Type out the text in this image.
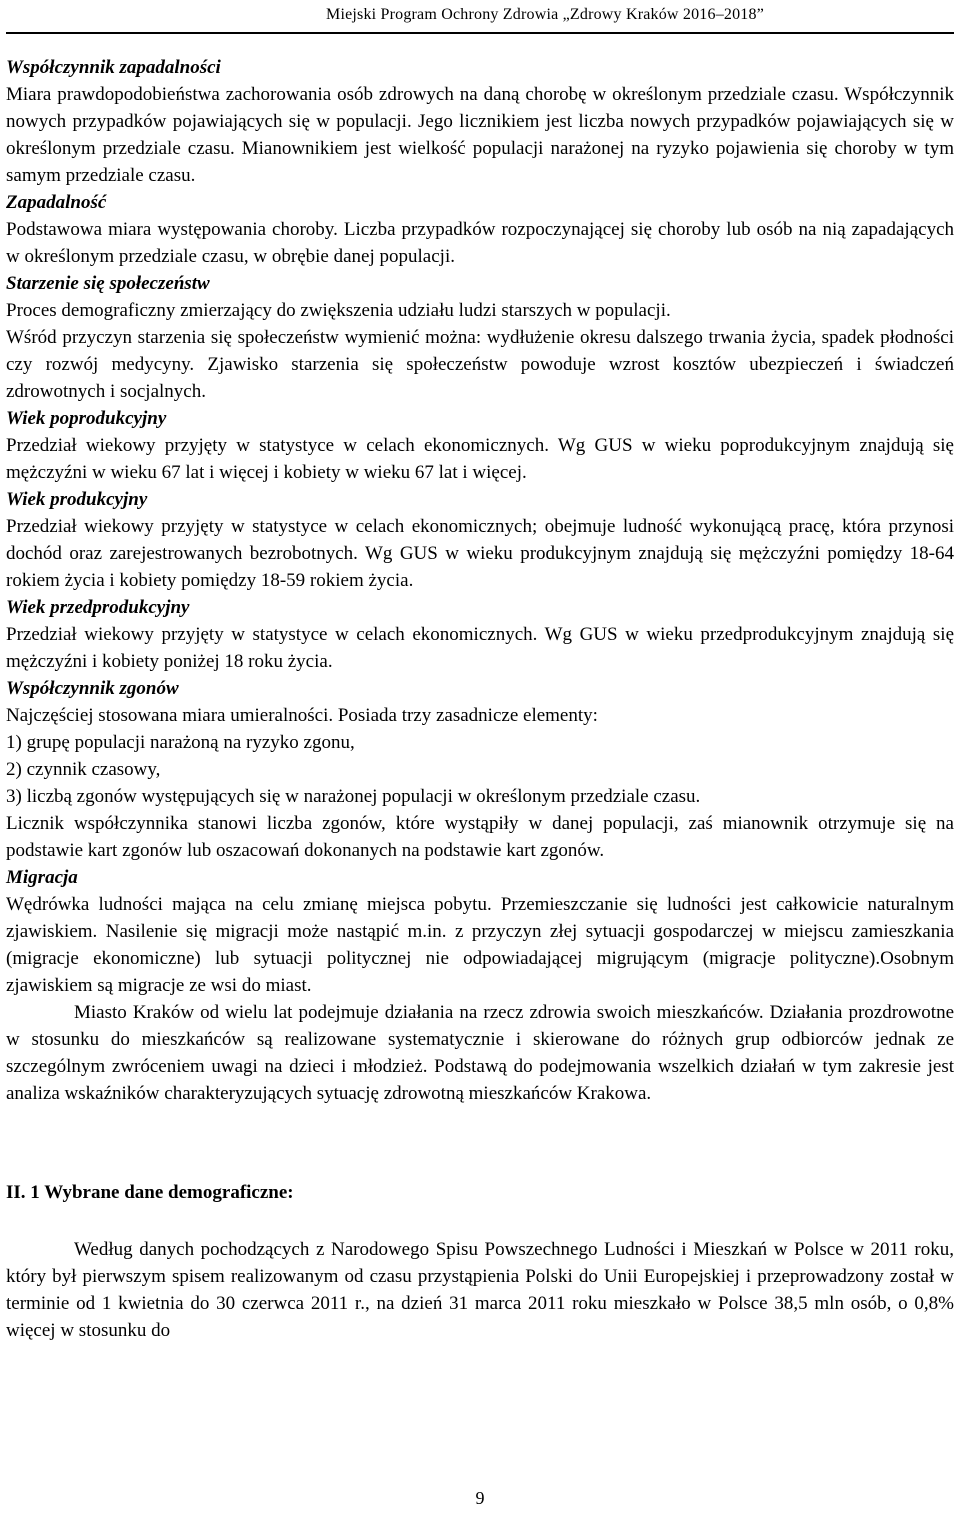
Miejski Program Ochrony Zdrowia „Zdrowy Kraków 2016–2018”

Współczynnik zapadalności

Miara prawdopodobieństwa zachorowania osób zdrowych na daną chorobę w określonym przedziale czasu. Współczynnik nowych przypadków pojawiających się w populacji. Jego licznikiem jest liczba nowych przypadków pojawiających się w określonym przedziale czasu. Mianownikiem jest wielkość populacji narażonej na ryzyko pojawienia się choroby w tym samym przedziale czasu.

Zapadalność

Podstawowa miara występowania choroby. Liczba przypadków rozpoczynającej się choroby lub osób na nią zapadających w określonym przedziale czasu, w obrębie danej populacji.

Starzenie się społeczeństw

Proces demograficzny zmierzający do zwiększenia udziału ludzi starszych w populacji.

Wśród przyczyn starzenia się społeczeństw wymienić można: wydłużenie okresu dalszego trwania życia, spadek płodności czy rozwój medycyny. Zjawisko starzenia się społeczeństw powoduje wzrost kosztów ubezpieczeń i świadczeń zdrowotnych i socjalnych.

Wiek poprodukcyjny

Przedział wiekowy przyjęty w statystyce w celach ekonomicznych. Wg GUS w wieku poprodukcyjnym znajdują się mężczyźni w wieku 67 lat i więcej i kobiety w wieku 67 lat i więcej.

Wiek produkcyjny

Przedział wiekowy przyjęty w statystyce w celach ekonomicznych; obejmuje ludność wykonującą pracę, która przynosi dochód oraz zarejestrowanych bezrobotnych. Wg GUS w wieku produkcyjnym znajdują się mężczyźni pomiędzy 18-64 rokiem życia i kobiety pomiędzy 18-59 rokiem życia.

Wiek przedprodukcyjny

Przedział wiekowy przyjęty w statystyce w celach ekonomicznych. Wg GUS w wieku przedprodukcyjnym znajdują się mężczyźni i kobiety poniżej 18 roku życia.

Współczynnik zgonów

Najczęściej stosowana miara umieralności. Posiada trzy zasadnicze elementy:

1) grupę populacji narażoną na ryzyko zgonu,

2) czynnik czasowy,

3) liczbą zgonów występujących się w narażonej populacji w określonym przedziale czasu.

Licznik współczynnika stanowi liczba zgonów, które wystąpiły w danej populacji, zaś mianownik otrzymuje się na podstawie kart zgonów lub oszacowań dokonanych na podstawie kart zgonów.

Migracja

Wędrówka ludności mająca na celu zmianę miejsca pobytu. Przemieszczanie się ludności jest całkowicie naturalnym zjawiskiem. Nasilenie się migracji może nastąpić m.in. z przyczyn złej sytuacji gospodarczej w miejscu zamieszkania (migracje ekonomiczne) lub sytuacji politycznej nie odpowiadającej migrującym (migracje polityczne).Osobnym zjawiskiem są migracje ze wsi do miast.

Miasto Kraków od wielu lat podejmuje działania na rzecz zdrowia swoich mieszkańców. Działania prozdrowotne w stosunku do mieszkańców są realizowane systematycznie i skierowane do różnych grup odbiorców jednak ze szczególnym zwróceniem uwagi na dzieci i młodzież. Podstawą do podejmowania wszelkich działań w tym zakresie jest analiza wskaźników charakteryzujących sytuację zdrowotną mieszkańców Krakowa.

II. 1 Wybrane dane demograficzne:

Według danych pochodzących z Narodowego Spisu Powszechnego Ludności i Mieszkań w Polsce w 2011 roku, który był pierwszym spisem realizowanym od czasu przystąpienia Polski do Unii Europejskiej i przeprowadzony został w terminie od 1 kwietnia do 30 czerwca 2011 r., na dzień 31 marca 2011 roku mieszkało w Polsce 38,5 mln osób, o 0,8% więcej w stosunku do

9
